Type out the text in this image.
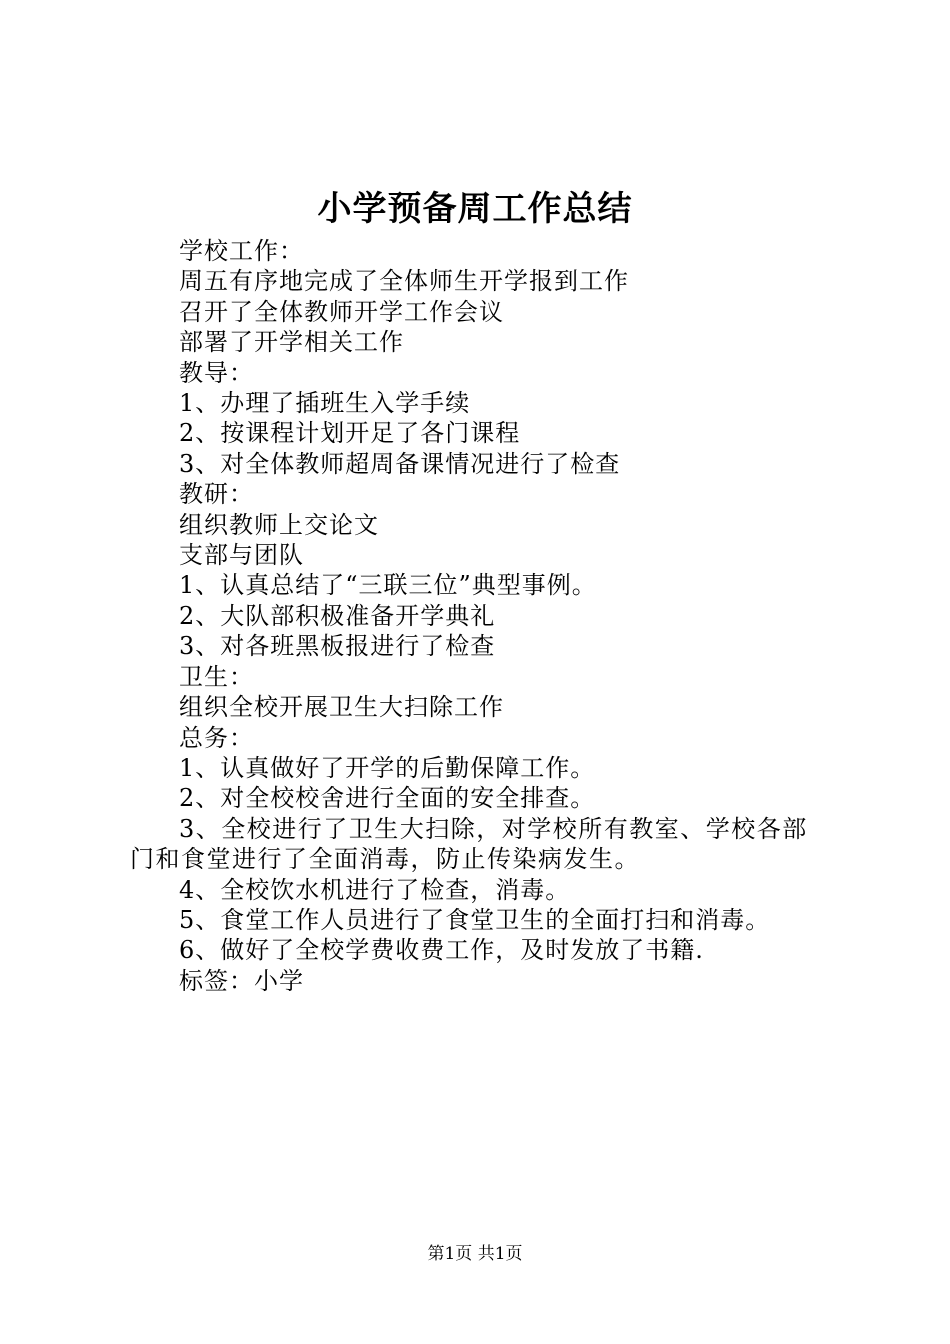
小学预备周工作总结
学校工作：
周五有序地完成了全体师生开学报到工作
召开了全体教师开学工作会议
部署了开学相关工作
教导：
1、办理了插班生入学手续
2、按课程计划开足了各门课程
3、对全体教师超周备课情况进行了检查
教研：
组织教师上交论文
支部与团队
1、认真总结了“三联三位”典型事例。
2、大队部积极准备开学典礼
3、对各班黑板报进行了检查
卫生：
组织全校开展卫生大扫除工作
总务：
1、认真做好了开学的后勤保障工作。
2、对全校校舍进行全面的安全排查。
3、全校进行了卫生大扫除，对学校所有教室、学校各部门和食堂进行了全面消毒，防止传染病发生。
4、全校饮水机进行了检查，消毒。
5、食堂工作人员进行了食堂卫生的全面打扫和消毒。
6、做好了全校学费收费工作，及时发放了书籍.
标签：小学
第1页 共1页
